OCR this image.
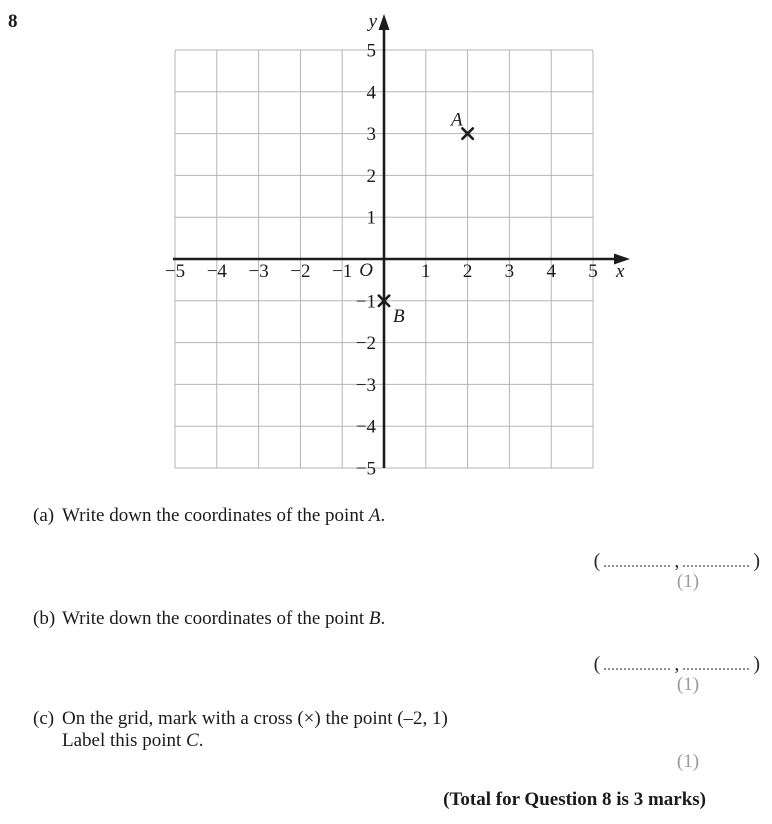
8
−5 −4 −3 −2 −1	1 2 3 4 5
−5
−4
−3
−2
−1
1
2
3
4
5
O	x
y
A
B
(a) Write down the coordinates of the point A.
(	,	)
(1)
(b) Write down the coordinates of the point B.
(	,	)
(1)
(c) On the grid, mark with a cross (×) the point (–2, 1)
Label this point C.
(1)
(Total for Question 8 is 3 marks)
